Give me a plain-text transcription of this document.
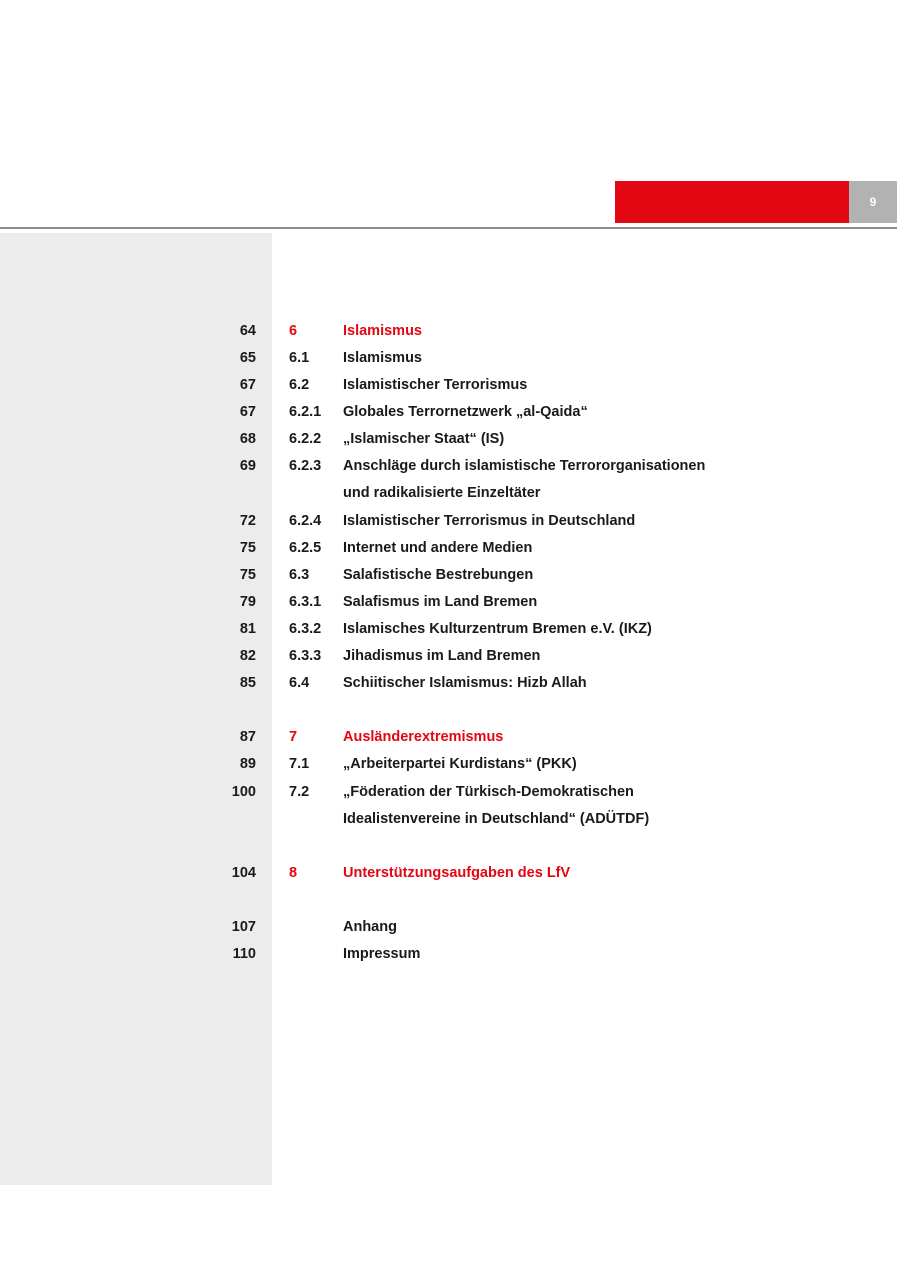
9
64 6	Islamismus
65 6.1 Islamismus
67 6.2 Islamistischer Terrorismus
67 6.2.1 Globales Terrornetzwerk „al-Qaida“
68 6.2.2 „Islamischer Staat“ (IS)
69 6.2.3 Anschläge durch islamistische Terrororganisationen
und radikalisierte Einzeltäter
72 6.2.4 Islamistischer Terrorismus in Deutschland
75 6.2.5 Internet und andere Medien
75 6.3 Salafistische Bestrebungen
79 6.3.1 Salafismus im Land Bremen
81 6.3.2 Islamisches Kulturzentrum Bremen e.V. (IKZ)
82 6.3.3 Jihadismus im Land Bremen
85 6.4 Schiitischer Islamismus: Hizb Allah
87 7	Ausländerextremismus
89 7.1 „Arbeiterpartei Kurdistans“ (PKK)
100 7.2 „Föderation der Türkisch-Demokratischen
Idealistenvereine in Deutschland“ (ADÜTDF)
104 8	Unterstützungsaufgaben des LfV
107	Anhang
110	Impressum
